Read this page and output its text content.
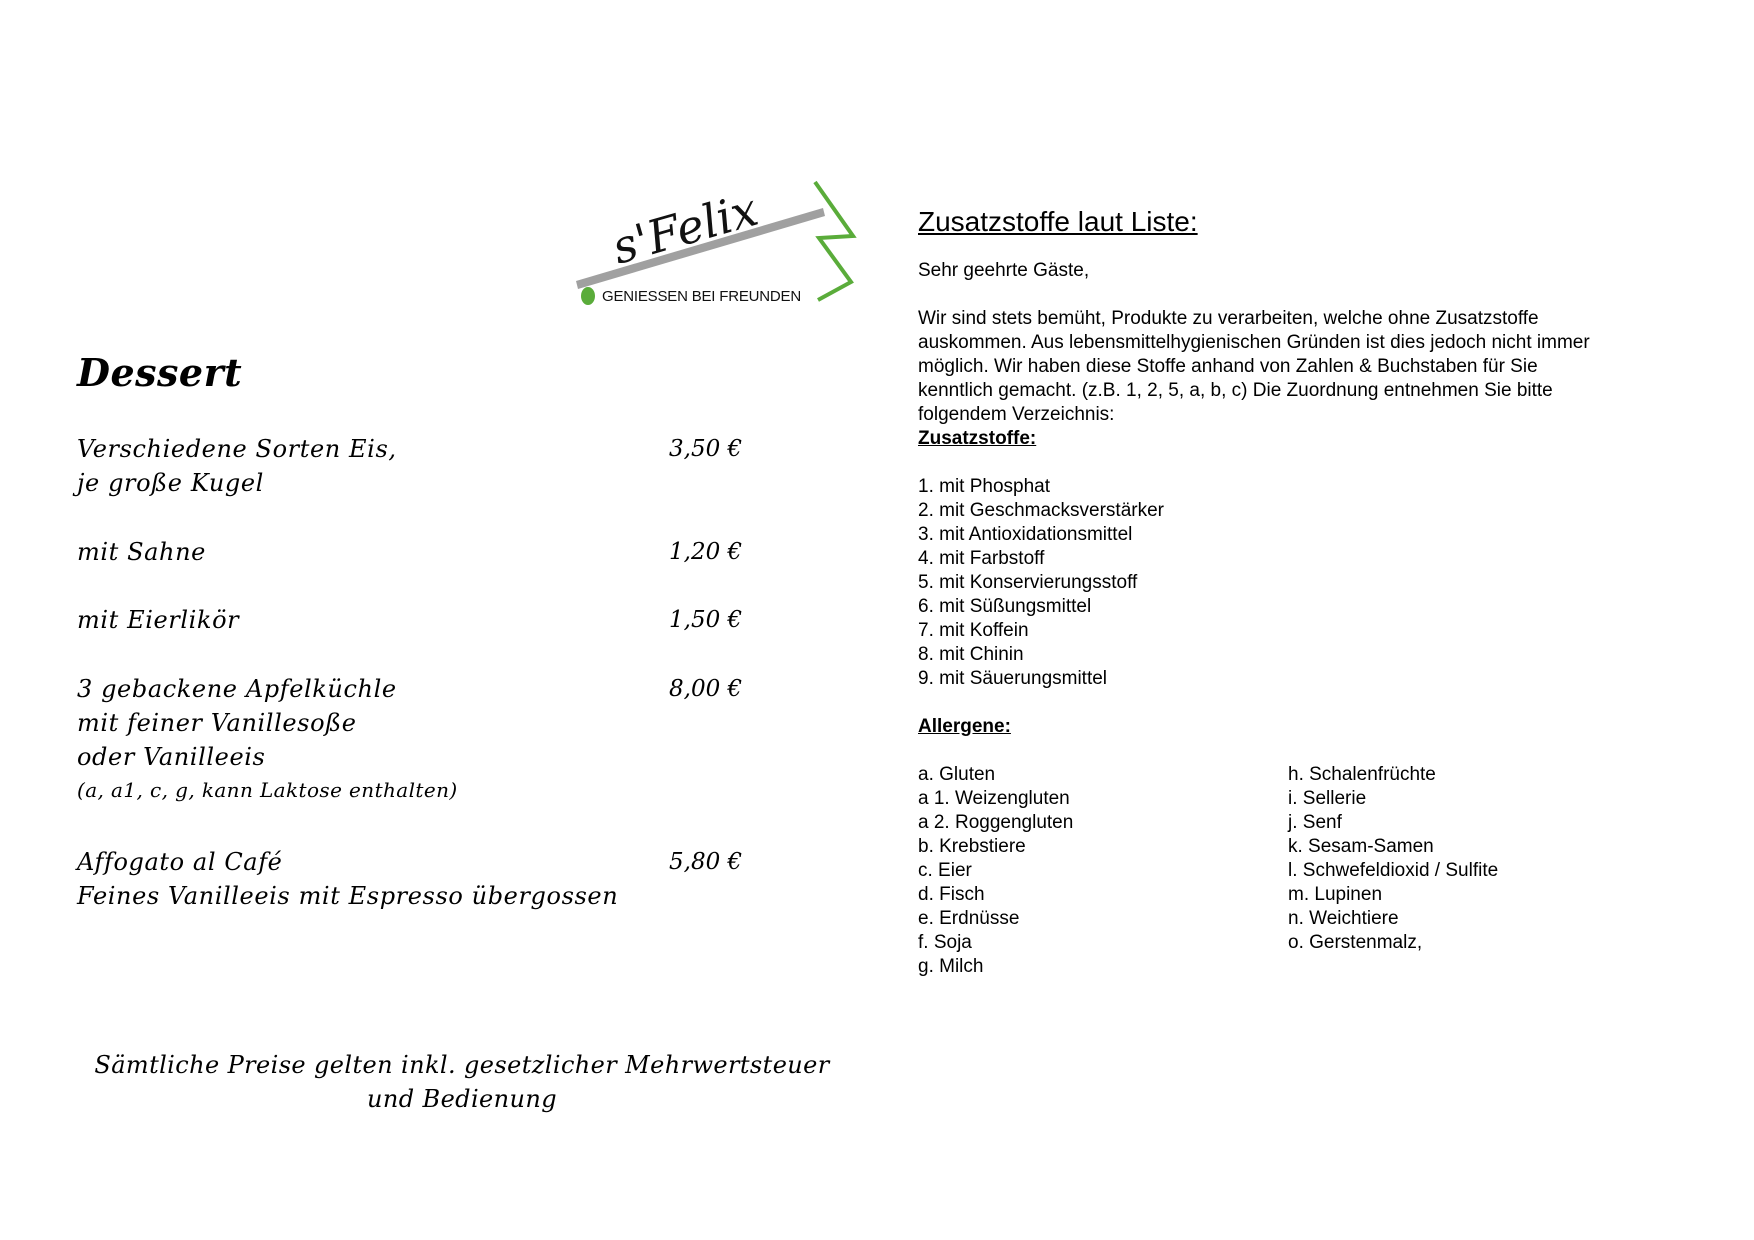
s'Felix
GENIESSEN BEI FREUNDEN
Dessert
Verschiedene Sorten Eis,
je große Kugel
3,50 €
mit Sahne	1,20 €
mit Eierlikör	1,50 €
3 gebackene Apfelküchle
mit feiner Vanillesoße
oder Vanilleeis
(a, a1, c, g, kann Laktose enthalten)
8,00 €
Affogato al Café
Feines Vanilleeis mit Espresso übergossen
5,80 €
Sämtliche Preise gelten inkl. gesetzlicher Mehrwertsteuer
und Bedienung
Zusatzstoffe laut Liste:

Sehr geehrte Gäste,

Wir sind stets bemüht, Produkte zu verarbeiten, welche ohne Zusatzstoffe

auskommen. Aus lebensmittelhygienischen Gründen ist dies jedoch nicht immer

möglich. Wir haben diese Stoffe anhand von Zahlen & Buchstaben für Sie

kenntlich gemacht. (z.B. 1, 2, 5, a, b, c) Die Zuordnung entnehmen Sie bitte

folgendem Verzeichnis:

Zusatzstoffe:

1. mit Phosphat

2. mit Geschmacksverstärker

3. mit Antioxidationsmittel

4. mit Farbstoff

5. mit Konservierungsstoff

6. mit Süßungsmittel

7. mit Koffein

8. mit Chinin

9. mit Säuerungsmittel

Allergene:

a. Gluten

a 1. Weizengluten

a 2. Roggengluten

b. Krebstiere

c. Eier

d. Fisch

e. Erdnüsse

f. Soja

g. Milch

h. Schalenfrüchte

i. Sellerie

j. Senf

k. Sesam-Samen

l. Schwefeldioxid / Sulfite

m. Lupinen

n. Weichtiere

o. Gerstenmalz,
